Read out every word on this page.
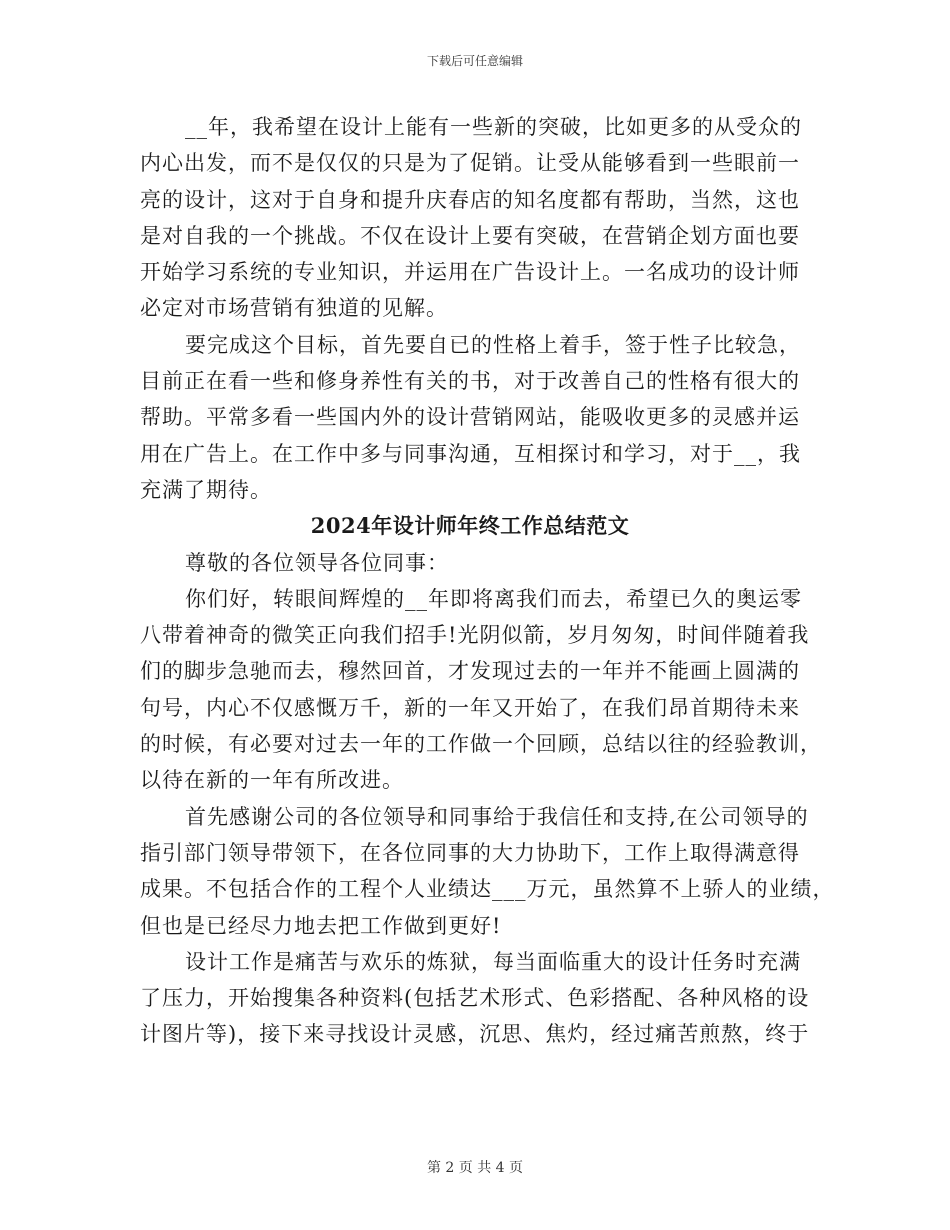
下载后可任意编辑
__年，我希望在设计上能有一些新的突破，比如更多的从受众的
内心出发，而不是仅仅的只是为了促销。让受从能够看到一些眼前一
亮的设计，这对于自身和提升庆春店的知名度都有帮助，当然，这也
是对自我的一个挑战。不仅在设计上要有突破，在营销企划方面也要
开始学习系统的专业知识，并运用在广告设计上。一名成功的设计师
必定对市场营销有独道的见解。
要完成这个目标，首先要自已的性格上着手，签于性子比较急，
目前正在看一些和修身养性有关的书，对于改善自己的性格有很大的
帮助。平常多看一些国内外的设计营销网站，能吸收更多的灵感并运
用在广告上。在工作中多与同事沟通，互相探讨和学习，对于__，我
充满了期待。
2024年设计师年终工作总结范文
尊敬的各位领导各位同事：
你们好，转眼间辉煌的__年即将离我们而去，希望已久的奥运零
八带着神奇的微笑正向我们招手!光阴似箭，岁月匆匆，时间伴随着我
们的脚步急驰而去，穆然回首，才发现过去的一年并不能画上圆满的
句号，内心不仅感慨万千，新的一年又开始了，在我们昂首期待未来
的时候，有必要对过去一年的工作做一个回顾，总结以往的经验教训，
以待在新的一年有所改进。
首先感谢公司的各位领导和同事给于我信任和支持,在公司领导的
指引部门领导带领下，在各位同事的大力协助下，工作上取得满意得
成果。不包括合作的工程个人业绩达___万元，虽然算不上骄人的业绩，
但也是已经尽力地去把工作做到更好!
设计工作是痛苦与欢乐的炼狱，每当面临重大的设计任务时充满
了压力，开始搜集各种资料(包括艺术形式、色彩搭配、各种风格的设
计图片等)，接下来寻找设计灵感，沉思、焦灼，经过痛苦煎熬，终于
第 2 页 共 4 页
